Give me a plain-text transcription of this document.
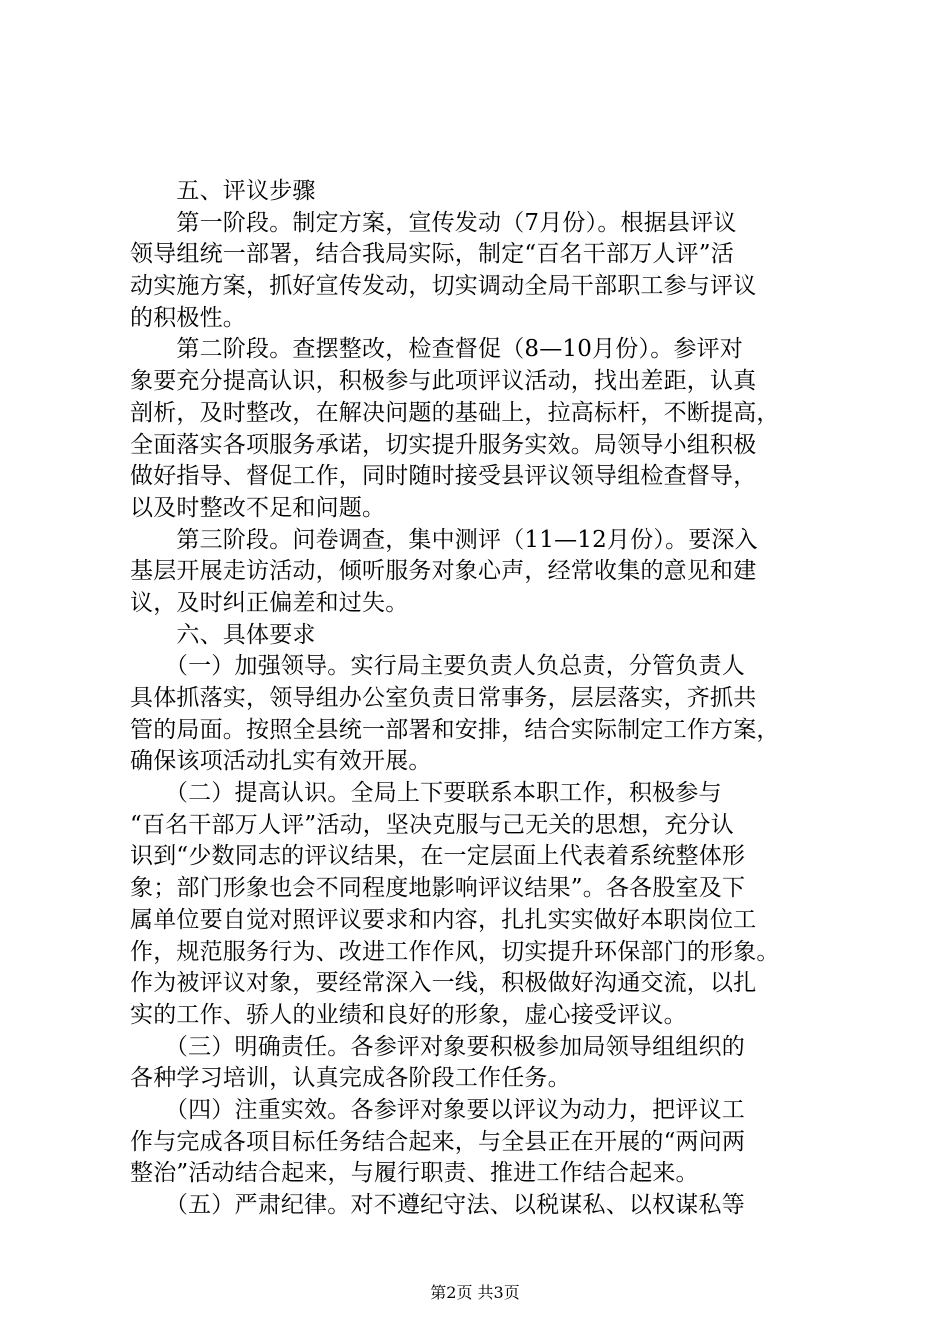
　　五、评议步骤
　　第一阶段。制定方案，宣传发动（7月份）。根据县评议
领导组统一部署，结合我局实际，制定“百名干部万人评”活
动实施方案，抓好宣传发动，切实调动全局干部职工参与评议
的积极性。
　　第二阶段。查摆整改，检查督促（8—10月份）。参评对
象要充分提高认识，积极参与此项评议活动，找出差距，认真
剖析，及时整改，在解决问题的基础上，拉高标杆，不断提高，
全面落实各项服务承诺，切实提升服务实效。局领导小组积极
做好指导、督促工作，同时随时接受县评议领导组检查督导，
以及时整改不足和问题。
　　第三阶段。问卷调查，集中测评（11—12月份）。要深入
基层开展走访活动，倾听服务对象心声，经常收集的意见和建
议，及时纠正偏差和过失。
　　六、具体要求
　　（一）加强领导。实行局主要负责人负总责，分管负责人
具体抓落实，领导组办公室负责日常事务，层层落实，齐抓共
管的局面。按照全县统一部署和安排，结合实际制定工作方案，
确保该项活动扎实有效开展。
　　（二）提高认识。全局上下要联系本职工作，积极参与
“百名干部万人评”活动，坚决克服与己无关的思想，充分认
识到“少数同志的评议结果，在一定层面上代表着系统整体形
象；部门形象也会不同程度地影响评议结果”。各各股室及下
属单位要自觉对照评议要求和内容，扎扎实实做好本职岗位工
作，规范服务行为、改进工作作风，切实提升环保部门的形象。
作为被评议对象，要经常深入一线，积极做好沟通交流，以扎
实的工作、骄人的业绩和良好的形象，虚心接受评议。
　　（三）明确责任。各参评对象要积极参加局领导组组织的
各种学习培训，认真完成各阶段工作任务。
　　（四）注重实效。各参评对象要以评议为动力，把评议工
作与完成各项目标任务结合起来，与全县正在开展的“两问两
整治”活动结合起来，与履行职责、推进工作结合起来。
　　（五）严肃纪律。对不遵纪守法、以税谋私、以权谋私等
第2页 共3页
